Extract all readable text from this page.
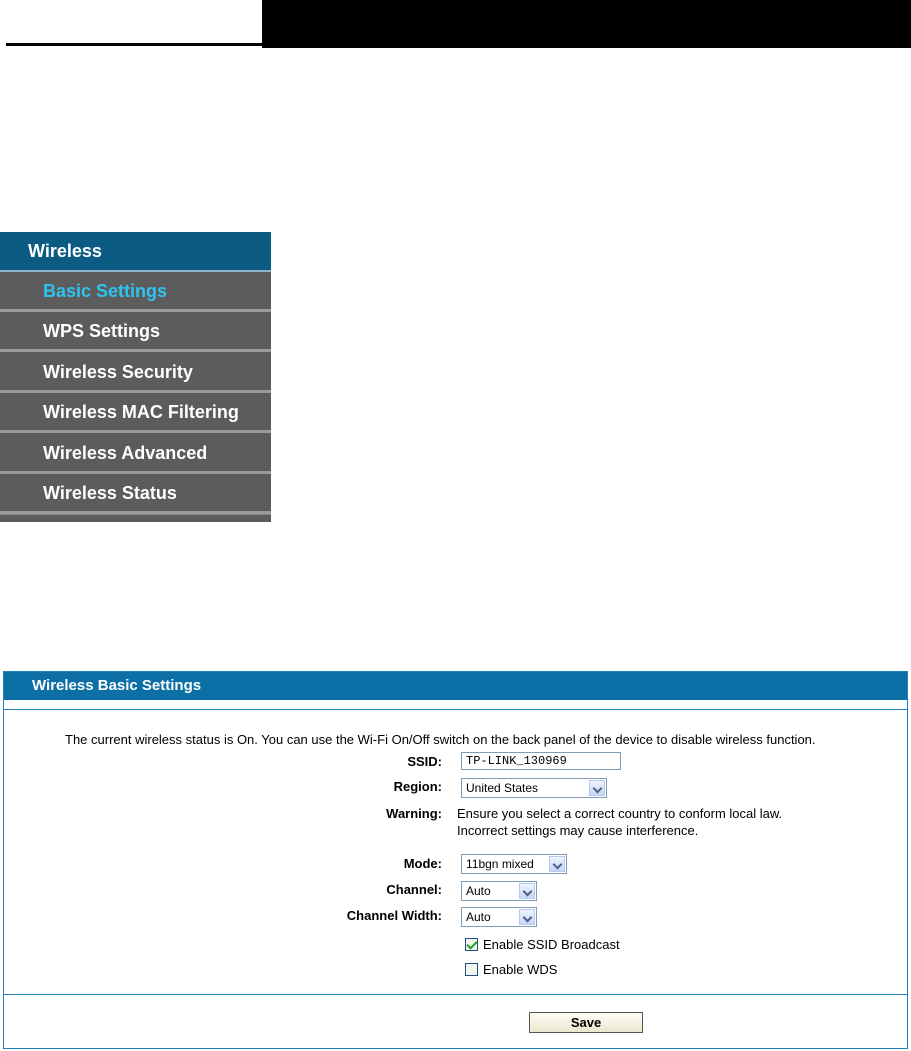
Wireless
Basic Settings
WPS Settings
Wireless Security
Wireless MAC Filtering
Wireless Advanced
Wireless Status
Wireless Basic Settings
The current wireless status is On. You can use the Wi-Fi On/Off switch on the back panel of the device to disable wireless function.
SSID:	TP-LINK_130969
Region: United States
Warning: Ensure you select a correct country to conform local law.
Incorrect settings may cause interference.
Mode: 11bgn mixed
Channel: Auto
Channel Width: Auto
Enable SSID Broadcast
Enable WDS
Save
